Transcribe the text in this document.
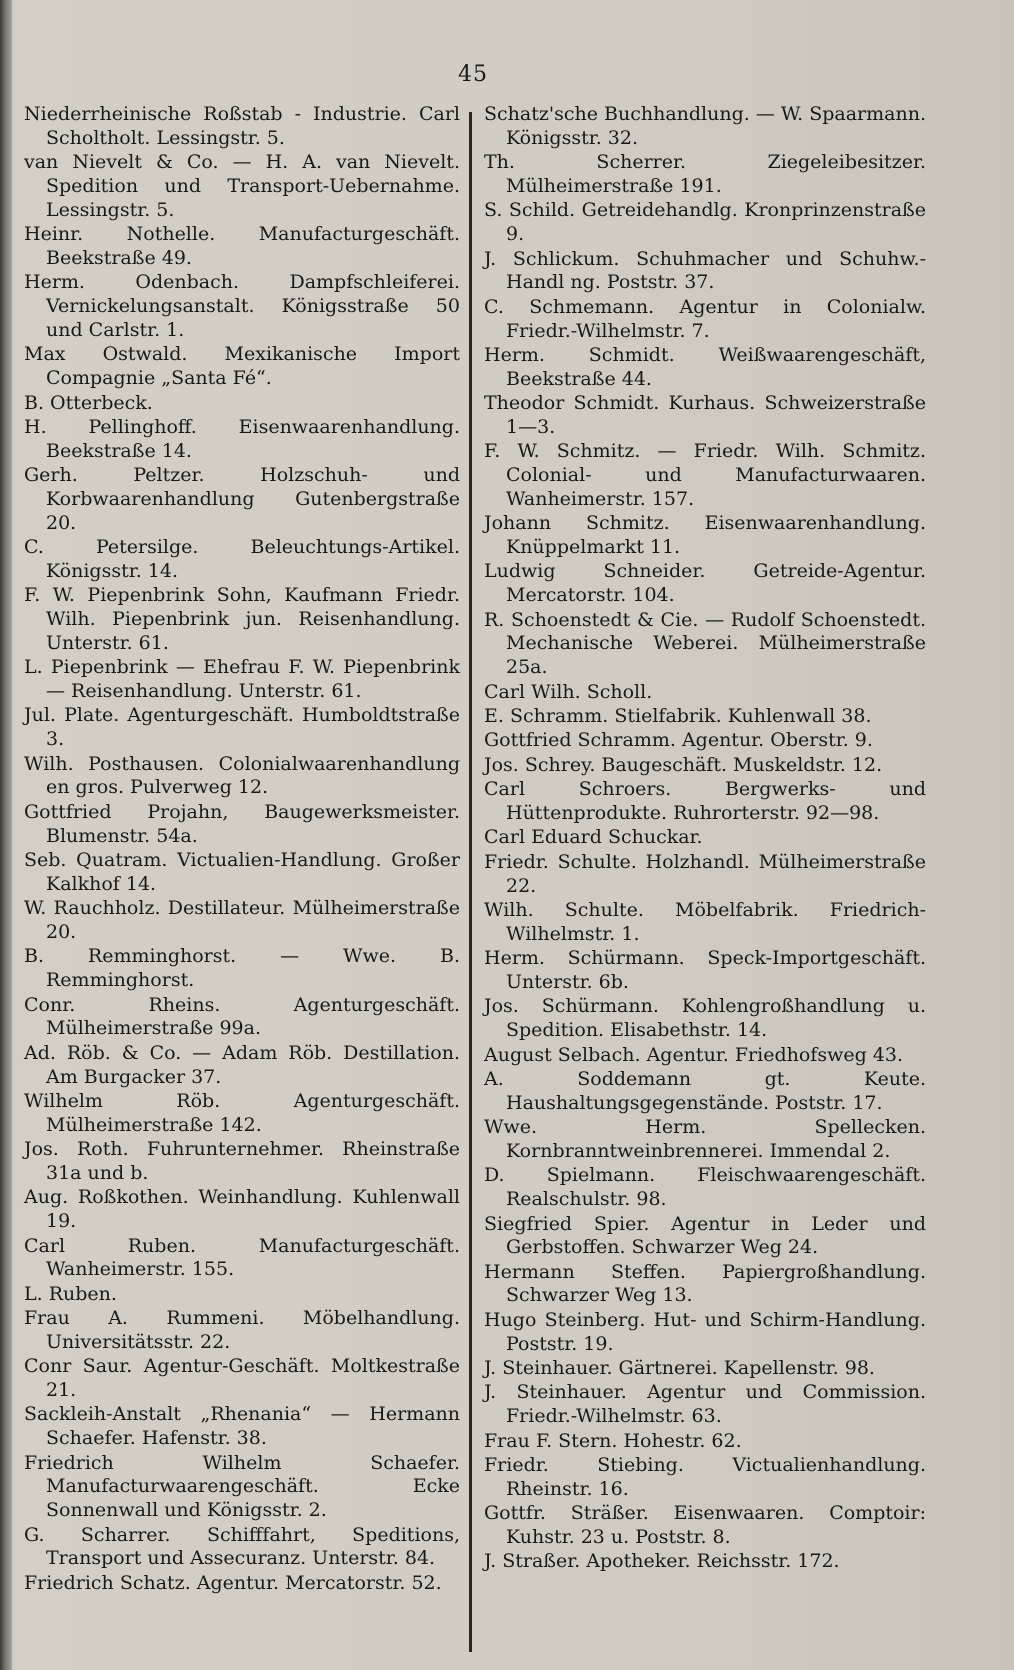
45

Niederrheinische Roßstab - Industrie. Carl Scholtholt. Lessingstr. 5.

van Nievelt & Co. — H. A. van Nievelt. Spedition und Transport-Uebernahme. Lessingstr. 5.

Heinr. Nothelle. Manufacturgeschäft. Beekstraße 49.

Herm. Odenbach. Dampfschleiferei. Vernickelungsanstalt. Königsstraße 50 und Carlstr. 1.

Max Ostwald. Mexikanische Import Compagnie „Santa Fé“.

B. Otterbeck.

H. Pellinghoff. Eisenwaarenhandlung. Beekstraße 14.

Gerh. Peltzer. Holzschuh- und Korbwaarenhandlung Gutenbergstraße 20.

C. Petersilge. Beleuchtungs-Artikel. Königsstr. 14.

F. W. Piepenbrink Sohn, Kaufmann Friedr. Wilh. Piepenbrink jun. Reisenhandlung. Unterstr. 61.

L. Piepenbrink — Ehefrau F. W. Piepenbrink — Reisenhandlung. Unterstr. 61.

Jul. Plate. Agenturgeschäft. Humboldtstraße 3.

Wilh. Posthausen. Colonialwaarenhandlung en gros. Pulverweg 12.

Gottfried Projahn, Baugewerksmeister. Blumenstr. 54a.

Seb. Quatram. Victualien-Handlung. Großer Kalkhof 14.

W. Rauchholz. Destillateur. Mülheimerstraße 20.

B. Remminghorst. — Wwe. B. Remminghorst.

Conr. Rheins. Agenturgeschäft. Mülheimerstraße 99a.

Ad. Röb. & Co. — Adam Röb. Destillation. Am Burgacker 37.

Wilhelm Röb. Agenturgeschäft. Mülheimerstraße 142.

Jos. Roth. Fuhrunternehmer. Rheinstraße 31a und b.

Aug. Roßkothen. Weinhandlung. Kuhlenwall 19.

Carl Ruben. Manufacturgeschäft. Wanheimerstr. 155.

L. Ruben.

Frau A. Rummeni. Möbelhandlung. Universitätsstr. 22.

Conr Saur. Agentur-Geschäft. Moltkestraße 21.

Sackleih-Anstalt „Rhenania“ — Hermann Schaefer. Hafenstr. 38.

Friedrich Wilhelm Schaefer. Manufacturwaarengeschäft. Ecke Sonnenwall und Königsstr. 2.

G. Scharrer. Schifffahrt, Speditions, Transport und Assecuranz. Unterstr. 84.

Friedrich Schatz. Agentur. Mercatorstr. 52.

Schatz'sche Buchhandlung. — W. Spaarmann. Königsstr. 32.

Th. Scherrer. Ziegeleibesitzer. Mülheimerstraße 191.

S. Schild. Getreidehandlg. Kronprinzenstraße 9.

J. Schlickum. Schuhmacher und Schuhw.-Handl ng. Poststr. 37.

C. Schmemann. Agentur in Colonialw. Friedr.-Wilhelmstr. 7.

Herm. Schmidt. Weißwaarengeschäft, Beekstraße 44.

Theodor Schmidt. Kurhaus. Schweizerstraße 1—3.

F. W. Schmitz. — Friedr. Wilh. Schmitz. Colonial- und Manufacturwaaren. Wanheimerstr. 157.

Johann Schmitz. Eisenwaarenhandlung. Knüppelmarkt 11.

Ludwig Schneider. Getreide-Agentur. Mercatorstr. 104.

R. Schoenstedt & Cie. — Rudolf Schoenstedt. Mechanische Weberei. Mülheimerstraße 25a.

Carl Wilh. Scholl.

E. Schramm. Stielfabrik. Kuhlenwall 38.

Gottfried Schramm. Agentur. Oberstr. 9.

Jos. Schrey. Baugeschäft. Muskeldstr. 12.

Carl Schroers. Bergwerks- und Hüttenprodukte. Ruhrorterstr. 92—98.

Carl Eduard Schuckar.

Friedr. Schulte. Holzhandl. Mülheimerstraße 22.

Wilh. Schulte. Möbelfabrik. Friedrich-Wilhelmstr. 1.

Herm. Schürmann. Speck-Importgeschäft. Unterstr. 6b.

Jos. Schürmann. Kohlengroßhandlung u. Spedition. Elisabethstr. 14.

August Selbach. Agentur. Friedhofsweg 43.

A. Soddemann gt. Keute. Haushaltungsgegenstände. Poststr. 17.

Wwe. Herm. Spellecken. Kornbranntweinbrennerei. Immendal 2.

D. Spielmann. Fleischwaarengeschäft. Realschulstr. 98.

Siegfried Spier. Agentur in Leder und Gerbstoffen. Schwarzer Weg 24.

Hermann Steffen. Papiergroßhandlung. Schwarzer Weg 13.

Hugo Steinberg. Hut- und Schirm-Handlung. Poststr. 19.

J. Steinhauer. Gärtnerei. Kapellenstr. 98.

J. Steinhauer. Agentur und Commission. Friedr.-Wilhelmstr. 63.

Frau F. Stern. Hohestr. 62.

Friedr. Stiebing. Victualienhandlung. Rheinstr. 16.

Gottfr. Sträßer. Eisenwaaren. Comptoir: Kuhstr. 23 u. Poststr. 8.

J. Straßer. Apotheker. Reichsstr. 172.
